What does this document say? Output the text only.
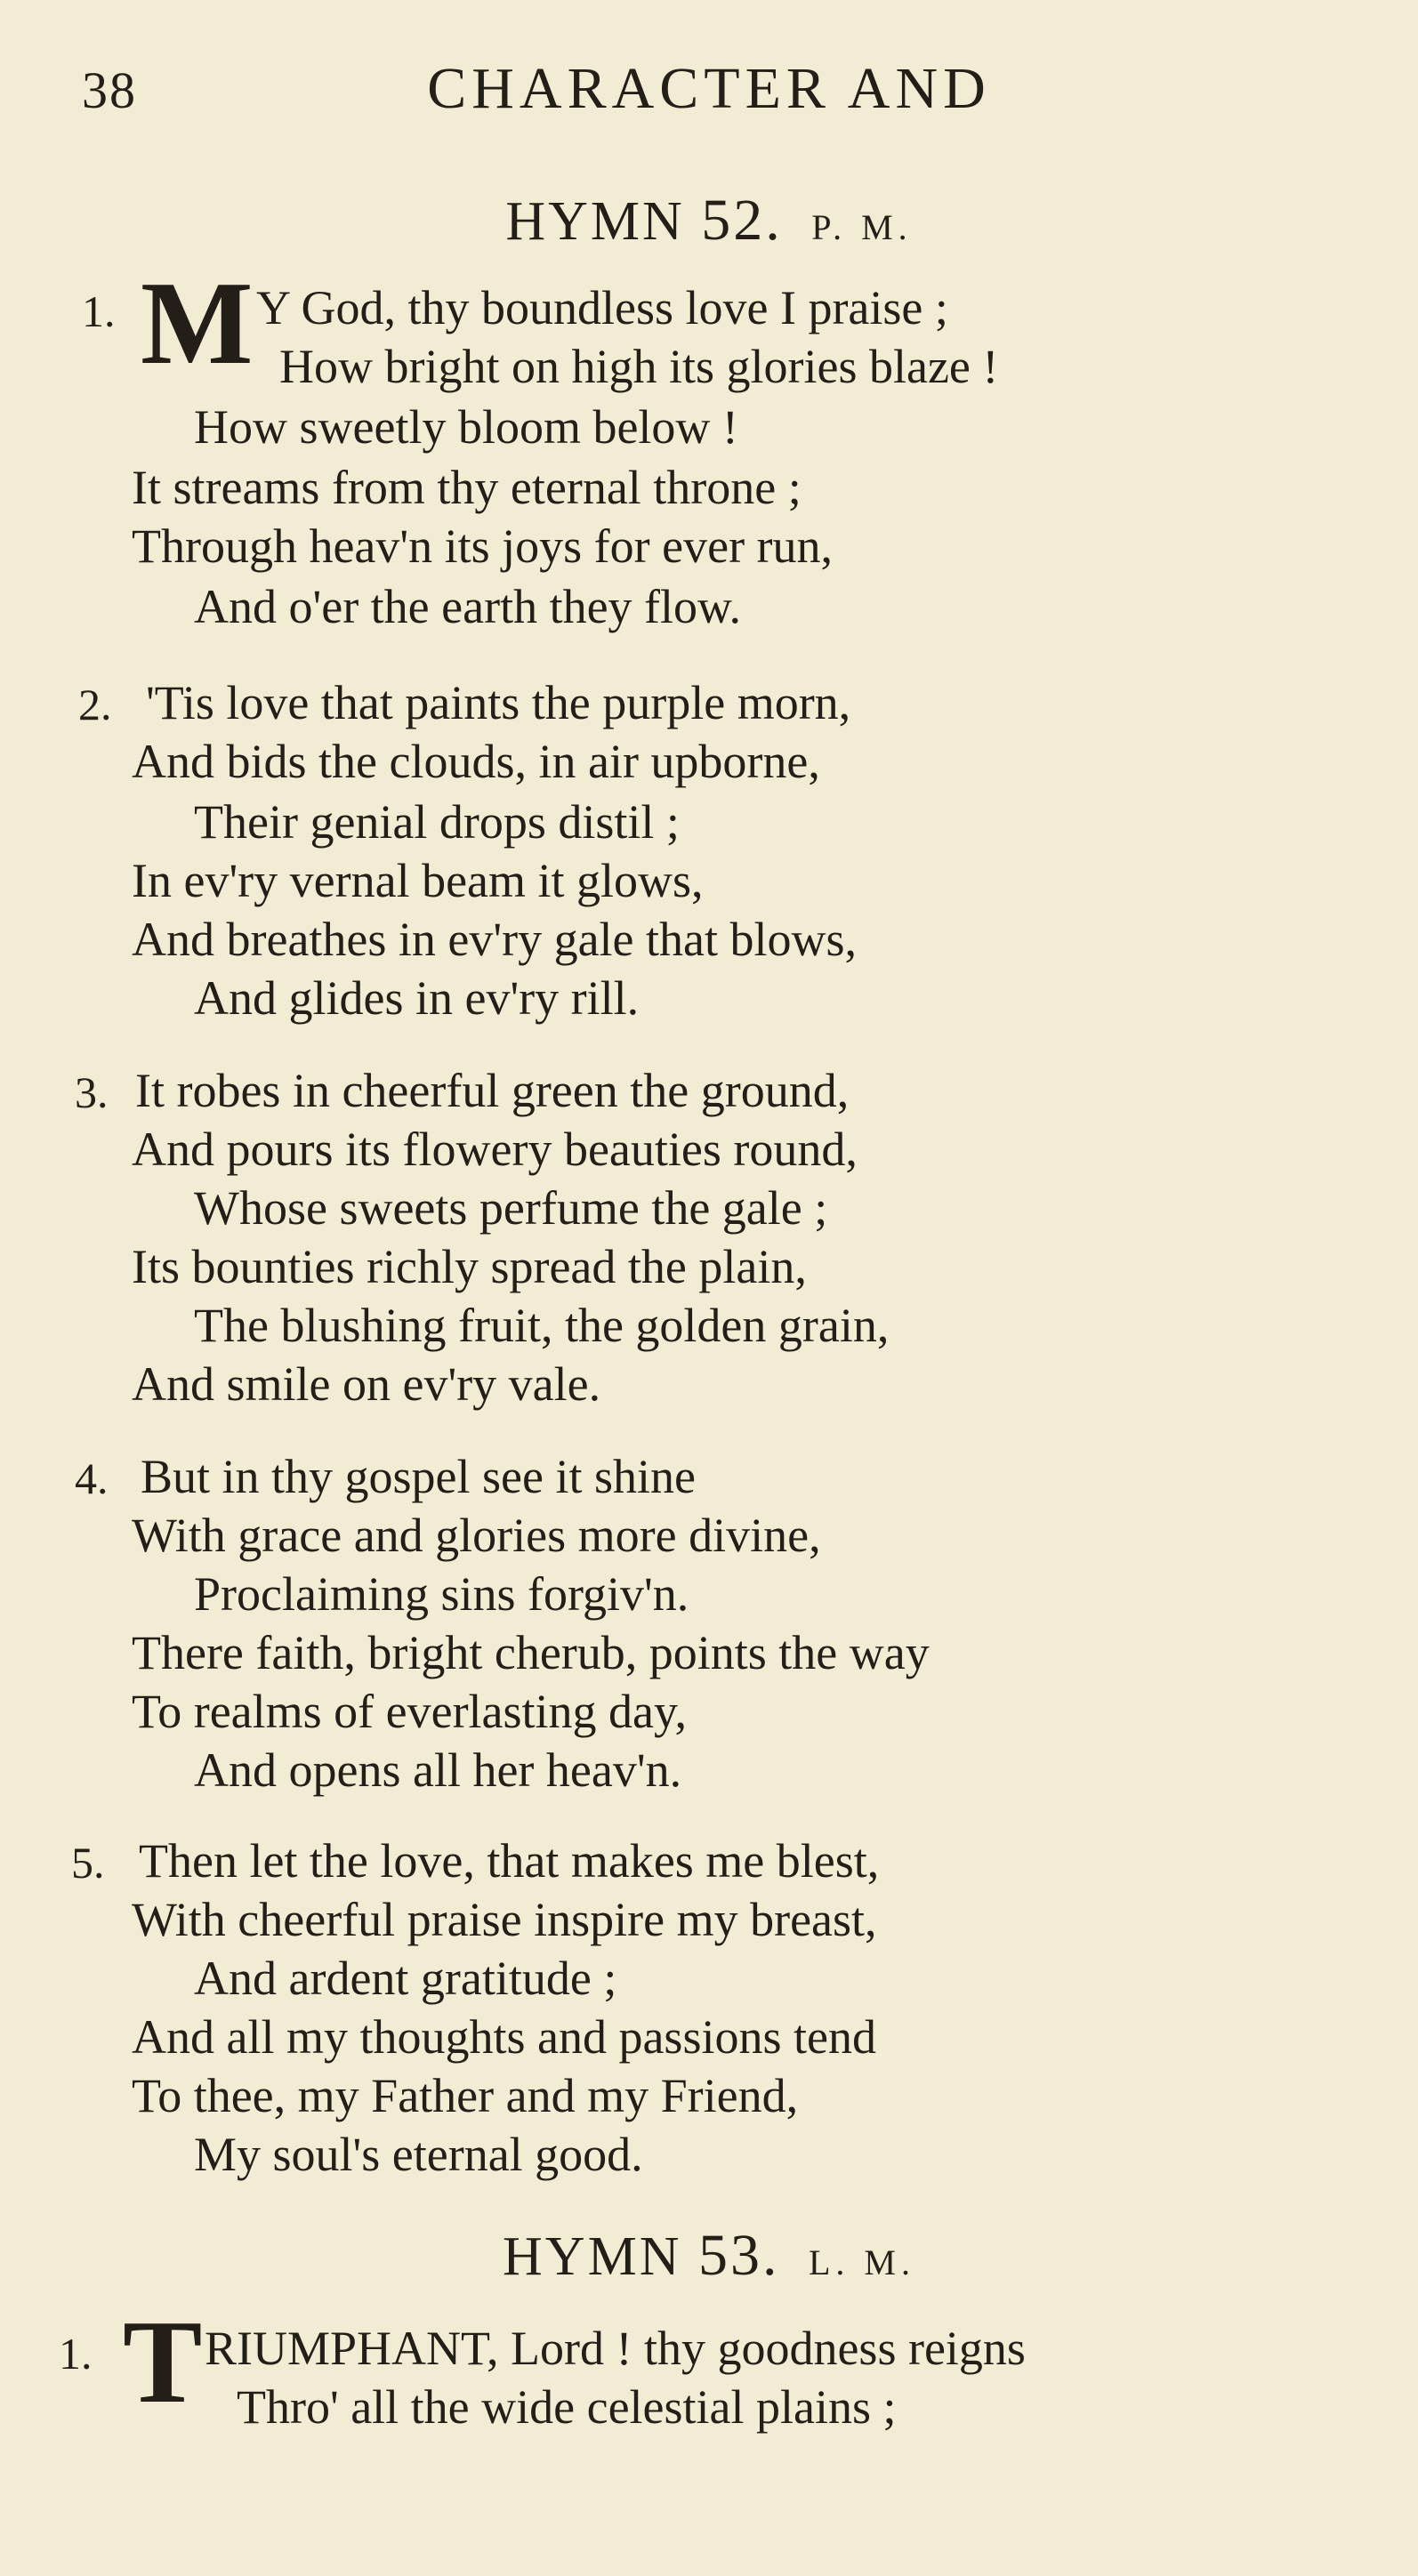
38	CHARACTER AND
HYMN 52. P. M.
1. M Y God, thy boundless love I praise ;
How bright on high its glories blaze !
How sweetly bloom below !
It streams from thy eternal throne ;
Through heav'n its joys for ever run,
And o'er the earth they flow.
2. 'Tis love that paints the purple morn,
And bids the clouds, in air upborne,
Their genial drops distil ;
In ev'ry vernal beam it glows,
And breathes in ev'ry gale that blows,
And glides in ev'ry rill.
3. It robes in cheerful green the ground,
And pours its flowery beauties round,
Whose sweets perfume the gale ;
Its bounties richly spread the plain,
The blushing fruit, the golden grain,
And smile on ev'ry vale.
4. But in thy gospel see it shine
With grace and glories more divine,
Proclaiming sins forgiv'n.
There faith, bright cherub, points the way
To realms of everlasting day,
And opens all her heav'n.
5. Then let the love, that makes me blest,
With cheerful praise inspire my breast,
And ardent gratitude ;
And all my thoughts and passions tend
To thee, my Father and my Friend,
My soul's eternal good.
HYMN 53. L. M.
1. T RIUMPHANT, Lord ! thy goodness reigns
Thro' all the wide celestial plains ;
